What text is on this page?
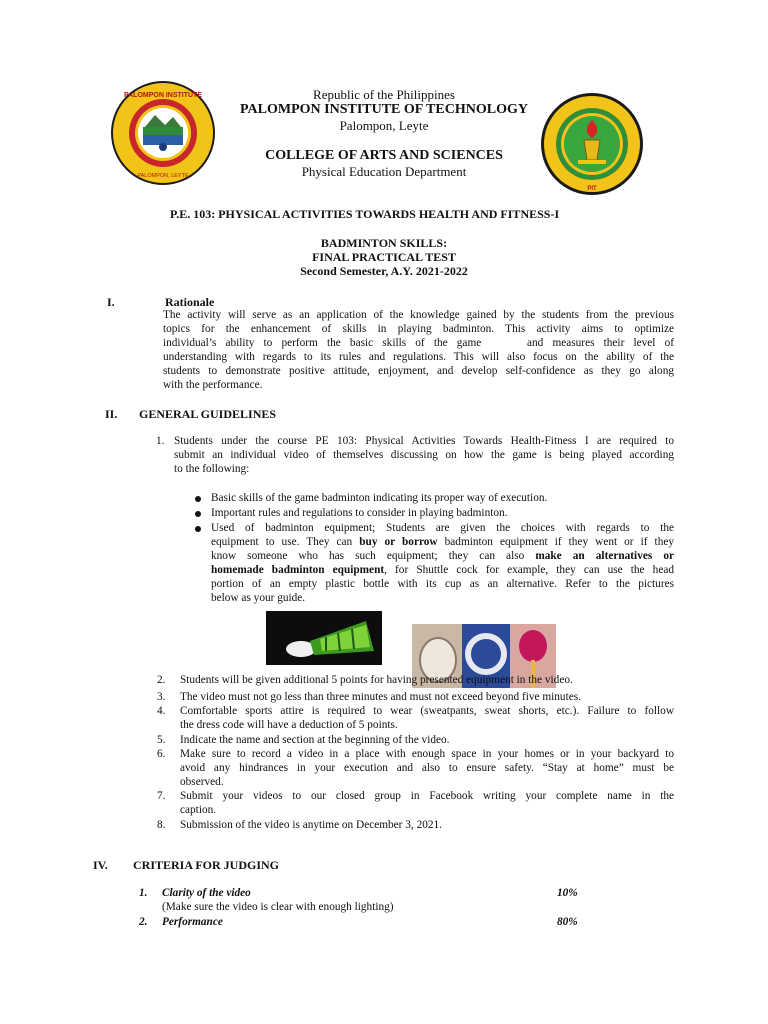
PALOMPON INSTITUTE
PALOMPON, LEYTE
PIT
Republic of the Philippines
PALOMPON INSTITUTE OF TECHNOLOGY
Palompon, Leyte
COLLEGE OF ARTS AND SCIENCES
Physical Education Department
P.E. 103: PHYSICAL ACTIVITIES TOWARDS HEALTH AND FITNESS-I
BADMINTON SKILLS:
FINAL PRACTICAL TEST
Second Semester, A.Y. 2021-2022
I.	Rationale
The activity will serve as an application of the knowledge gained by the students from the previous
topics for the enhancement of skills in playing badminton. This activity aims to optimize
individual’s ability to perform the basic skills of the game     and measures their level of
understanding with regards to its rules and regulations. This will also focus on the ability of the
students to demonstrate positive attitude, enjoyment, and develop self-confidence as they go along
with the performance.
II. GENERAL GUIDELINES
1. Students under the course PE 103: Physical Activities Towards Health-Fitness I are required to
submit an individual video of themselves discussing on how the game is being played according
to the following:
Basic skills of the game badminton indicating its proper way of execution.
Important rules and regulations to consider in playing badminton.
Used of badminton equipment; Students are given the choices with regards to the
equipment to use. They can buy or borrow badminton equipment if they went or if they
know someone who has such equipment; they can also make an alternatives or
homemade badminton equipment, for Shuttle cock for example, they can use the head
portion of an empty plastic bottle with its cup as an alternative. Refer to the pictures
below as your guide.
2. Students will be given additional 5 points for having presented equipment in the video.
3. The video must not go less than three minutes and must not exceed beyond five minutes.
4. Comfortable sports attire is required to wear (sweatpants, sweat shorts, etc.). Failure to follow
the dress code will have a deduction of 5 points.
5. Indicate the name and section at the beginning of the video.
6. Make sure to record a video in a place with enough space in your homes or in your backyard to
avoid any hindrances in your execution and also to ensure safety. “Stay at home” must be
observed.
7. Submit your videos to our closed group in Facebook writing your complete name in the
caption.
8. Submission of the video is anytime on December 3, 2021.
IV. CRITERIA FOR JUDGING
1. Clarity of the video	10%
(Make sure the video is clear with enough lighting)
2. Performance	80%
